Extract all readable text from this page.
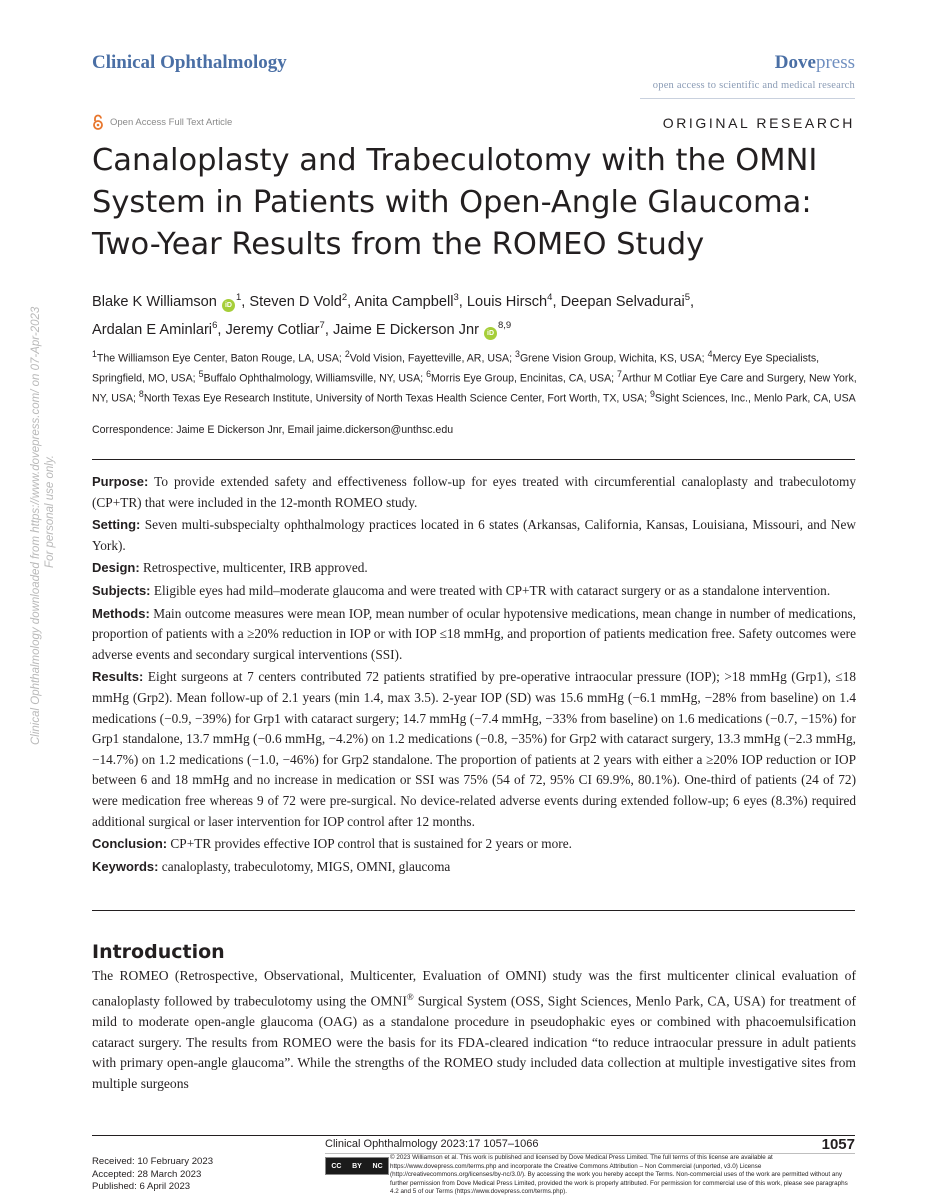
Clinical Ophthalmology	Dovepress
open access to scientific and medical research
Open Access Full Text Article	ORIGINAL RESEARCH
Canaloplasty and Trabeculotomy with the OMNI System in Patients with Open-Angle Glaucoma: Two-Year Results from the ROMEO Study
Clinical Ophthalmology downloaded from https://www.dovepress.com/ on 07-Apr-2023 For personal use only.
Blake K Williamson $iD^1$, Steven D Vold$^2$, Anita Campbell$^3$, Louis Hirsch$^4$, Deepan Selvadurai$^5$,
Ardalan E Aminlari$^6$, Jeremy Cotliar$^7$, Jaime E Dickerson Jnr iD$^{8,9}$
$^1$The Williamson Eye Center, Baton Rouge, LA, USA; $^2$Vold Vision, Fayetteville, AR, USA; $^3$Grene Vision Group, Wichita, KS, USA; $^4$Mercy Eye Specialists, Springfield, MO, USA; $^5$Buffalo Ophthalmology, Williamsville, NY, USA; $^6$Morris Eye Group, Encinitas, CA, USA; $^7$Arthur M Cotliar Eye Care and Surgery, New York, NY, USA; $^8$North Texas Eye Research Institute, University of North Texas Health Science Center, Fort Worth, TX, USA; $^9$Sight Sciences, Inc., Menlo Park, CA, USA
Correspondence: Jaime E Dickerson Jnr, Email jaime.dickerson@unthsc.edu

Purpose: To provide extended safety and effectiveness follow-up for eyes treated with circumferential canaloplasty and trabeculotomy (CP+TR) that were included in the 12-month ROMEO study.

Setting: Seven multi-subspecialty ophthalmology practices located in 6 states (Arkansas, California, Kansas, Louisiana, Missouri, and New York).

Design: Retrospective, multicenter, IRB approved.

Subjects: Eligible eyes had mild–moderate glaucoma and were treated with CP+TR with cataract surgery or as a standalone intervention.

Methods: Main outcome measures were mean IOP, mean number of ocular hypotensive medications, mean change in number of medications, proportion of patients with a ≥20% reduction in IOP or with IOP ≤18 mmHg, and proportion of patients medication free. Safety outcomes were adverse events and secondary surgical interventions (SSI).

Results: Eight surgeons at 7 centers contributed 72 patients stratified by pre-operative intraocular pressure (IOP); >18 mmHg (Grp1), ≤18 mmHg (Grp2). Mean follow-up of 2.1 years (min 1.4, max 3.5). 2-year IOP (SD) was 15.6 mmHg (−6.1 mmHg, −28% from baseline) on 1.4 medications (−0.9, −39%) for Grp1 with cataract surgery; 14.7 mmHg (−7.4 mmHg, −33% from baseline) on 1.6 medications (−0.7, −15%) for Grp1 standalone, 13.7 mmHg (−0.6 mmHg, −4.2%) on 1.2 medications (−0.8, −35%) for Grp2 with cataract surgery, 13.3 mmHg (−2.3 mmHg, −14.7%) on 1.2 medications (−1.0, −46%) for Grp2 standalone. The proportion of patients at 2 years with either a ≥20% IOP reduction or IOP between 6 and 18 mmHg and no increase in medication or SSI was 75% (54 of 72, 95% CI 69.9%, 80.1%). One-third of patients (24 of 72) were medication free whereas 9 of 72 were pre-surgical. No device-related adverse events during extended follow-up; 6 eyes (8.3%) required additional surgical or laser intervention for IOP control after 12 months.

Conclusion: CP+TR provides effective IOP control that is sustained for 2 years or more.

Keywords: canaloplasty, trabeculotomy, MIGS, OMNI, glaucoma

Introduction
The ROMEO (Retrospective, Observational, Multicenter, Evaluation of OMNI) study was the first multicenter clinical evaluation of canaloplasty followed by trabeculotomy using the OMNI® Surgical System (OSS, Sight Sciences, Menlo Park, CA, USA) for treatment of mild to moderate open-angle glaucoma (OAG) as a standalone procedure in pseudophakic eyes or combined with phacoemulsification cataract surgery. The results from ROMEO were the basis for its FDA-cleared indication “to reduce intraocular pressure in adult patients with primary open-angle glaucoma”. While the strengths of the ROMEO study included data collection at multiple investigative sites from multiple surgeons
Clinical Ophthalmology 2023:17 1057–1066	1057
Received: 10 February 2023
Accepted: 28 March 2023
Published: 6 April 2023
CC BY NC
© 2023 Williamson et al. This work is published and licensed by Dove Medical Press Limited. The full terms of this license are available at https://www.dovepress.com/terms.php and incorporate the Creative Commons Attribution – Non Commercial (unported, v3.0) License (http://creativecommons.org/licenses/by-nc/3.0/). By accessing the work you hereby accept the Terms. Non-commercial uses of the work are permitted without any further permission from Dove Medical Press Limited, provided the work is properly attributed. For permission for commercial use of this work, please see paragraphs 4.2 and 5 of our Terms (https://www.dovepress.com/terms.php).
